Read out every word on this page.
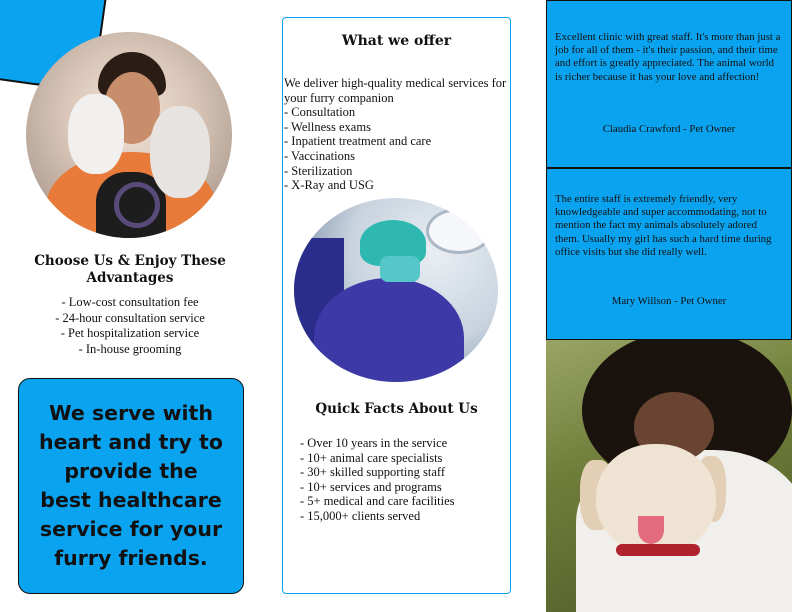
Choose Us & Enjoy These Advantages
- Low-cost consultation fee
- 24-hour consultation service
- Pet hospitalization service
- In-house grooming
We serve with heart and try to provide the best healthcare service for your furry friends.
What we offer
We deliver high-quality medical services for your furry companion
- Consultation
- Wellness exams
- Inpatient treatment and care
- Vaccinations
- Sterilization
- X-Ray and USG
Quick Facts About Us
- Over 10 years in the service
- 10+ animal care specialists
- 30+ skilled supporting staff
- 10+ services and programs
- 5+ medical and care facilities
- 15,000+ clients served
Excellent clinic with great staff. It's more than just a job for all of them - it's their passion, and their time and effort is greatly appreciated. The animal world is richer because it has your love and affection!
Claudia Crawford - Pet Owner
The entire staff is extremely friendly, very knowledgeable and super accommodating, not to mention the fact my animals absolutely adored them. Usually my girl has such a hard time during office visits but she did really well.
Mary Willson - Pet Owner
